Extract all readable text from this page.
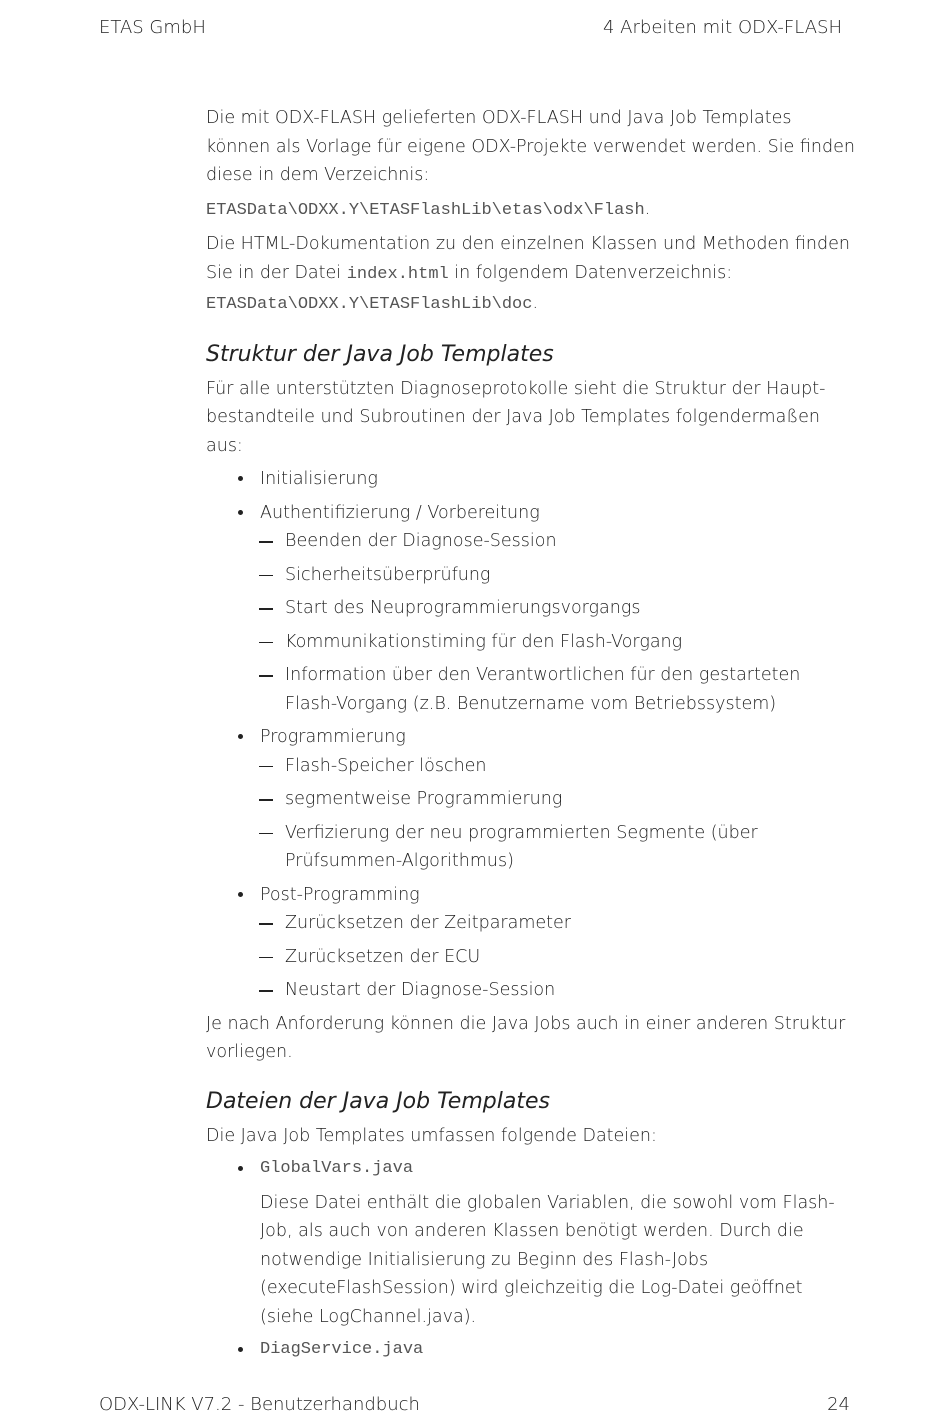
ETAS GmbH	4 Arbeiten mit ODX-FLASH

Die mit ODX-FLASH gelieferten ODX-FLASH und Java Job Templates können als Vorlage für eigene ODX-Projekte verwendet werden. Sie finden diese in dem Verzeichnis:

ETASData\ODXX.Y\ETASFlashLib\etas\odx\Flash.

Die HTML-Dokumentation zu den einzelnen Klassen und Methoden finden Sie in der Datei index.html in folgendem Datenverzeichnis:

ETASData\ODXX.Y\ETASFlashLib\doc.
Struktur der Java Job Templates

Für alle unterstützten Diagnoseprotokolle sieht die Struktur der Hauptbestandteile und Subroutinen der Java Job Templates folgendermaßen aus:

Initialisierung
Authentifizierung / Vorbereitung
Beenden der Diagnose-Session
Sicherheitsüberprüfung
Start des Neuprogrammierungsvorgangs
Kommunikationstiming für den Flash-Vorgang
Information über den Verantwortlichen für den gestarteten Flash-Vorgang (z.B. Benutzername vom Betriebssystem)
Programmierung
Flash-Speicher löschen
segmentweise Programmierung
Verfizierung der neu programmierten Segmente (über Prüfsummen-Algorithmus)
Post-Programming
Zurücksetzen der Zeitparameter
Zurücksetzen der ECU
Neustart der Diagnose-Session

Je nach Anforderung können die Java Jobs auch in einer anderen Struktur vorliegen.

Dateien der Java Job Templates

Die Java Job Templates umfassen folgende Dateien:

GlobalVars.java
Diese Datei enthält die globalen Variablen, die sowohl vom Flash-Job, als auch von anderen Klassen benötigt werden. Durch die notwendige Initialisierung zu Beginn des Flash-Jobs (executeFlashSession) wird gleichzeitig die Log-Datei geöffnet (siehe LogChannel.java).
DiagService.java
ODX-LINK V7.2 - Benutzerhandbuch	24
